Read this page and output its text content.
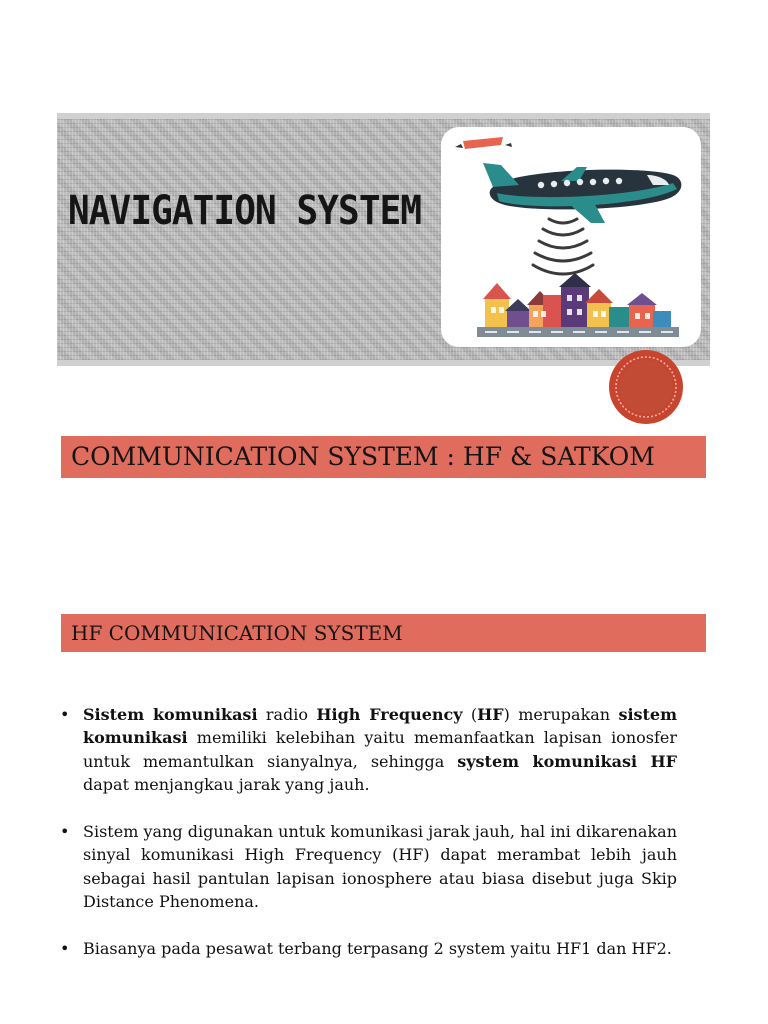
NAVIGATION SYSTEM
COMMUNICATION SYSTEM : HF & SATKOM
HF COMMUNICATION SYSTEM
• Sistem komunikasi radio High Frequency (HF) merupakan sistem komunikasi memiliki kelebihan yaitu memanfaatkan lapisan ionosfer untuk memantulkan sianyalnya, sehingga system komunikasi HF dapat menjangkau jarak yang jauh.
• Sistem yang digunakan untuk komunikasi jarak jauh, hal ini dikarenakan sinyal komunikasi High Frequency (HF) dapat merambat lebih jauh sebagai hasil pantulan lapisan ionosphere atau biasa disebut juga Skip Distance Phenomena.
• Biasanya pada pesawat terbang terpasang 2 system yaitu HF1 dan HF2.
